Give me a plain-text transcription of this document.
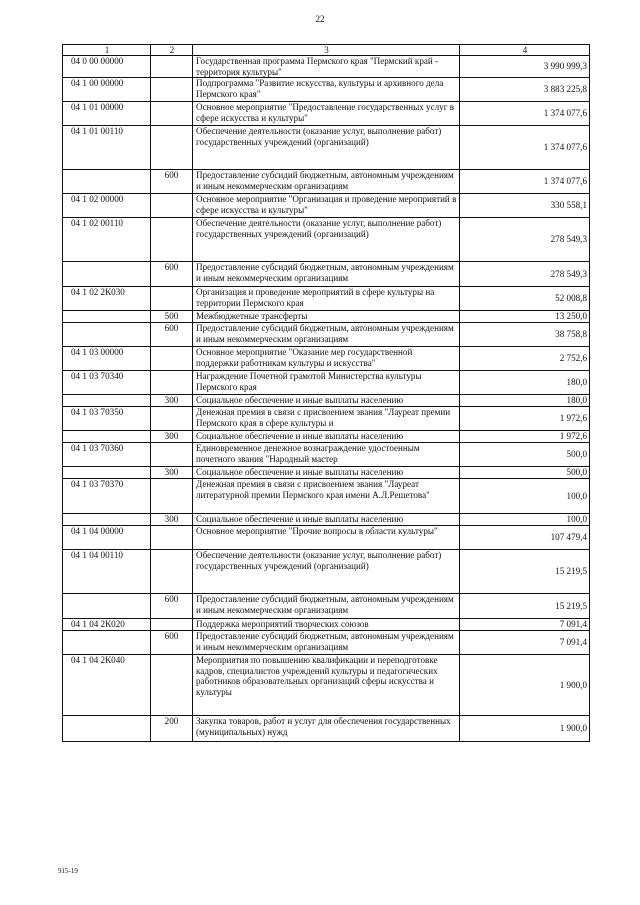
22
1	2	3	4
04 0 00 00000		Государственная программа Пермского края "Пермский край - территория культуры"	3 990 999,3
04 1 00 00000		Подпрограмма "Развитие искусства, культуры и архивного дела Пермского края"	3 883 225,8
04 1 01 00000		Основное мероприятие "Предоставление государственных услуг в сфере искусства и культуры"	1 374 077,6
04 1 01 00110		Обеспечение деятельности (оказание услуг, выполнение работ) государственных учреждений (организаций)	1 374 077,6
	600	Предоставление субсидий бюджетным, автономным учреждениям и иным некоммерческим организациям	1 374 077,6
04 1 02 00000		Основное мероприятие "Организация и проведение мероприятий в сфере искусства и культуры"	330 558,1
04 1 02 00110		Обеспечение деятельности (оказание услуг, выполнение работ) государственных учреждений (организаций)	278 549,3
	600	Предоставление субсидий бюджетным, автономным учреждениям и иным некоммерческим организациям	278 549,3
04 1 02 2К030		Организация и проведение мероприятий в сфере культуры на территории Пермского края	52 008,8
	500	Межбюджетные трансферты	13 250,0
	600	Предоставление субсидий бюджетным, автономным учреждениям и иным некоммерческим организациям	38 758,8
04 1 03 00000		Основное мероприятие "Оказание мер государственной поддержки работникам культуры и искусства"	2 752,6
04 1 03 70340		Награждение Почетной грамотой Министерства культуры Пермского края	180,0
	300	Социальное обеспечение и иные выплаты населению	180,0
04 1 03 70350		Денежная премия в связи с присвоением звания "Лауреат премии Пермского края в сфере культуры и	1 972,6
	300	Социальное обеспечение и иные выплаты населению	1 972,6
04 1 03 70360		Единовременное денежное вознаграждение удостоенным почетного звания "Народный мастер	500,0
	300	Социальное обеспечение и иные выплаты населению	500,0
04 1 03 70370		Денежная премия в связи с присвоением звания "Лауреат литературной премии Пермского края имени А.Л.Решетова"	100,0
	300	Социальное обеспечение и иные выплаты населению	100,0
04 1 04 00000		Основное мероприятие "Прочие вопросы в области культуры"	107 479,4
04 1 04 00110		Обеспечение деятельности (оказание услуг, выполнение работ) государственных учреждений (организаций)	15 219,5
	600	Предоставление субсидий бюджетным, автономным учреждениям и иным некоммерческим организациям	15 219,5
04 1 04 2К020		Поддержка мероприятий творческих союзов	7 091,4
	600	Предоставление субсидий бюджетным, автономным учреждениям и иным некоммерческим организациям	7 091,4
04 1 04 2К040		Мероприятия по повышению квалификации и переподготовке кадров, специалистов учреждений культуры и педагогических работников образовательных организаций сферы искусства и культуры	1 900,0
	200	Закупка товаров, работ и услуг для обеспечения государственных (муниципальных) нужд	1 900,0
915-19
